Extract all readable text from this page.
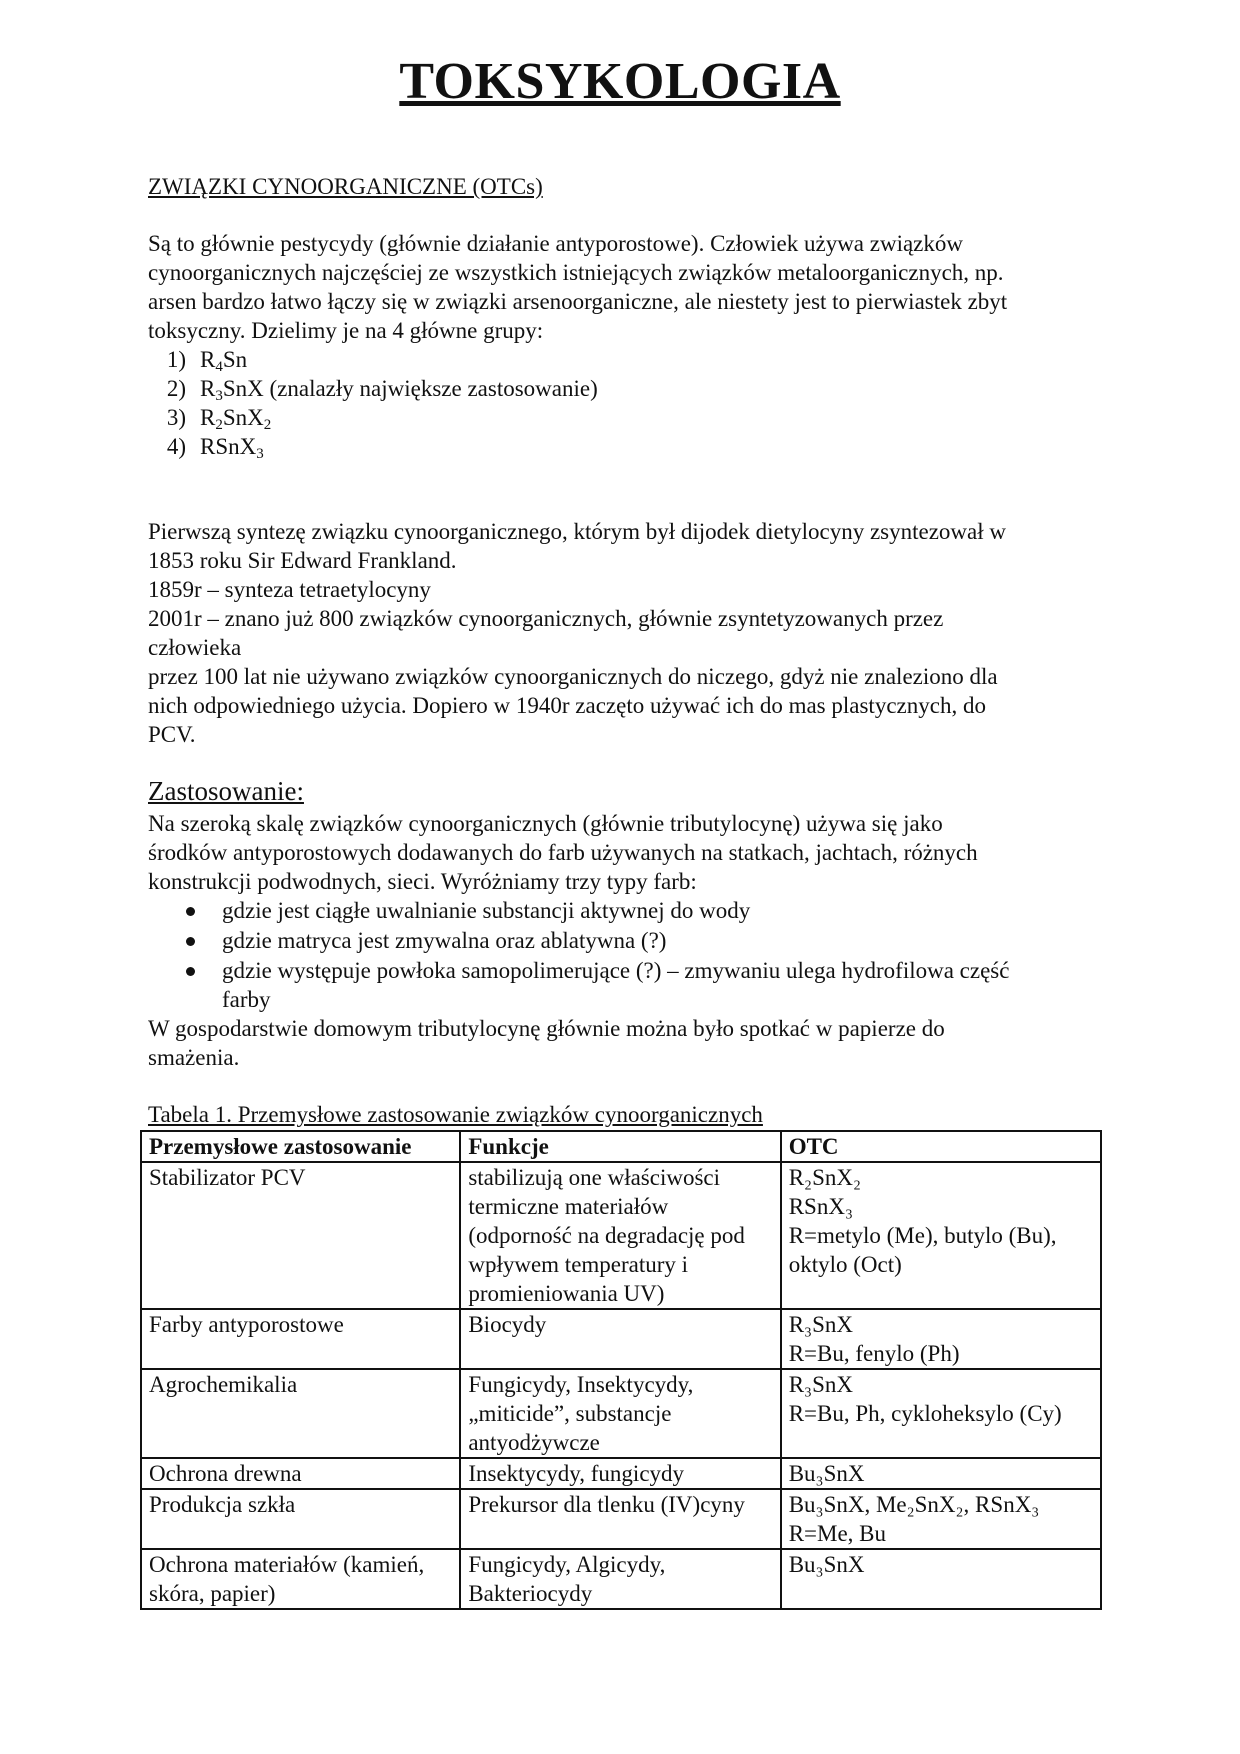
TOKSYKOLOGIA
ZWIĄZKI CYNOORGANICZNE (OTCs)
Są to głównie pestycydy (głównie działanie antyporostowe). Człowiek używa związków
cynoorganicznych najczęściej ze wszystkich istniejących związków metaloorganicznych, np.
arsen bardzo łatwo łączy się w związki arsenoorganiczne, ale niestety jest to pierwiastek zbyt
toksyczny. Dzielimy je na 4 główne grupy:
1) $R_4Sn$
2) $R_3SnX$ (znalazły największe zastosowanie)
3) $R_2SnX_2$
4) RSnX$_3$
Pierwszą syntezę związku cynoorganicznego, którym był dijodek dietylocyny zsyntezował w
1853 roku Sir Edward Frankland.
1859r – synteza tetraetylocyny
2001r – znano już 800 związków cynoorganicznych, głównie zsyntetyzowanych przez
człowieka
przez 100 lat nie używano związków cynoorganicznych do niczego, gdyż nie znaleziono dla
nich odpowiedniego użycia. Dopiero w 1940r zaczęto używać ich do mas plastycznych, do
PCV.
Zastosowanie:
Na szeroką skalę związków cynoorganicznych (głównie tributylocynę) używa się jako
środków antyporostowych dodawanych do farb używanych na statkach, jachtach, różnych
konstrukcji podwodnych, sieci. Wyróżniamy trzy typy farb:
gdzie jest ciągłe uwalnianie substancji aktywnej do wody
gdzie matryca jest zmywalna oraz ablatywna (?)
gdzie występuje powłoka samopolimerujące (?) – zmywaniu ulega hydrofilowa część
farby
W gospodarstwie domowym tributylocynę głównie można było spotkać w papierze do
smażenia.
Tabela 1. Przemysłowe zastosowanie związków cynoorganicznych
Przemysłowe zastosowanie	Funkcje	OTC

Stabilizator PCV	stabilizują one właściwości
termiczne materiałów
(odporność na degradację pod
wpływem temperatury i
promieniowania UV)	R₂SnX₂
RSnX₃
R=metylo (Me), butylo (Bu),
oktylo (Oct)

Farby antyporostowe	Biocydy	R₃SnX
R=Bu, fenylo (Ph)

Agrochemikalia	Fungicydy, Insektycydy,
„miticide”, substancje
antyodżywcze	R₃SnX
R=Bu, Ph, cykloheksylo (Cy)

Ochrona drewna	Insektycydy, fungicydy	Bu₃SnX

Produkcja szkła	Prekursor dla tlenku (IV)cyny	Bu₃SnX, Me₂SnX₂, RSnX₃
R=Me, Bu

Ochrona materiałów (kamień,
skóra, papier)	Fungicydy, Algicydy,
Bakteriocydy	Bu₃SnX
